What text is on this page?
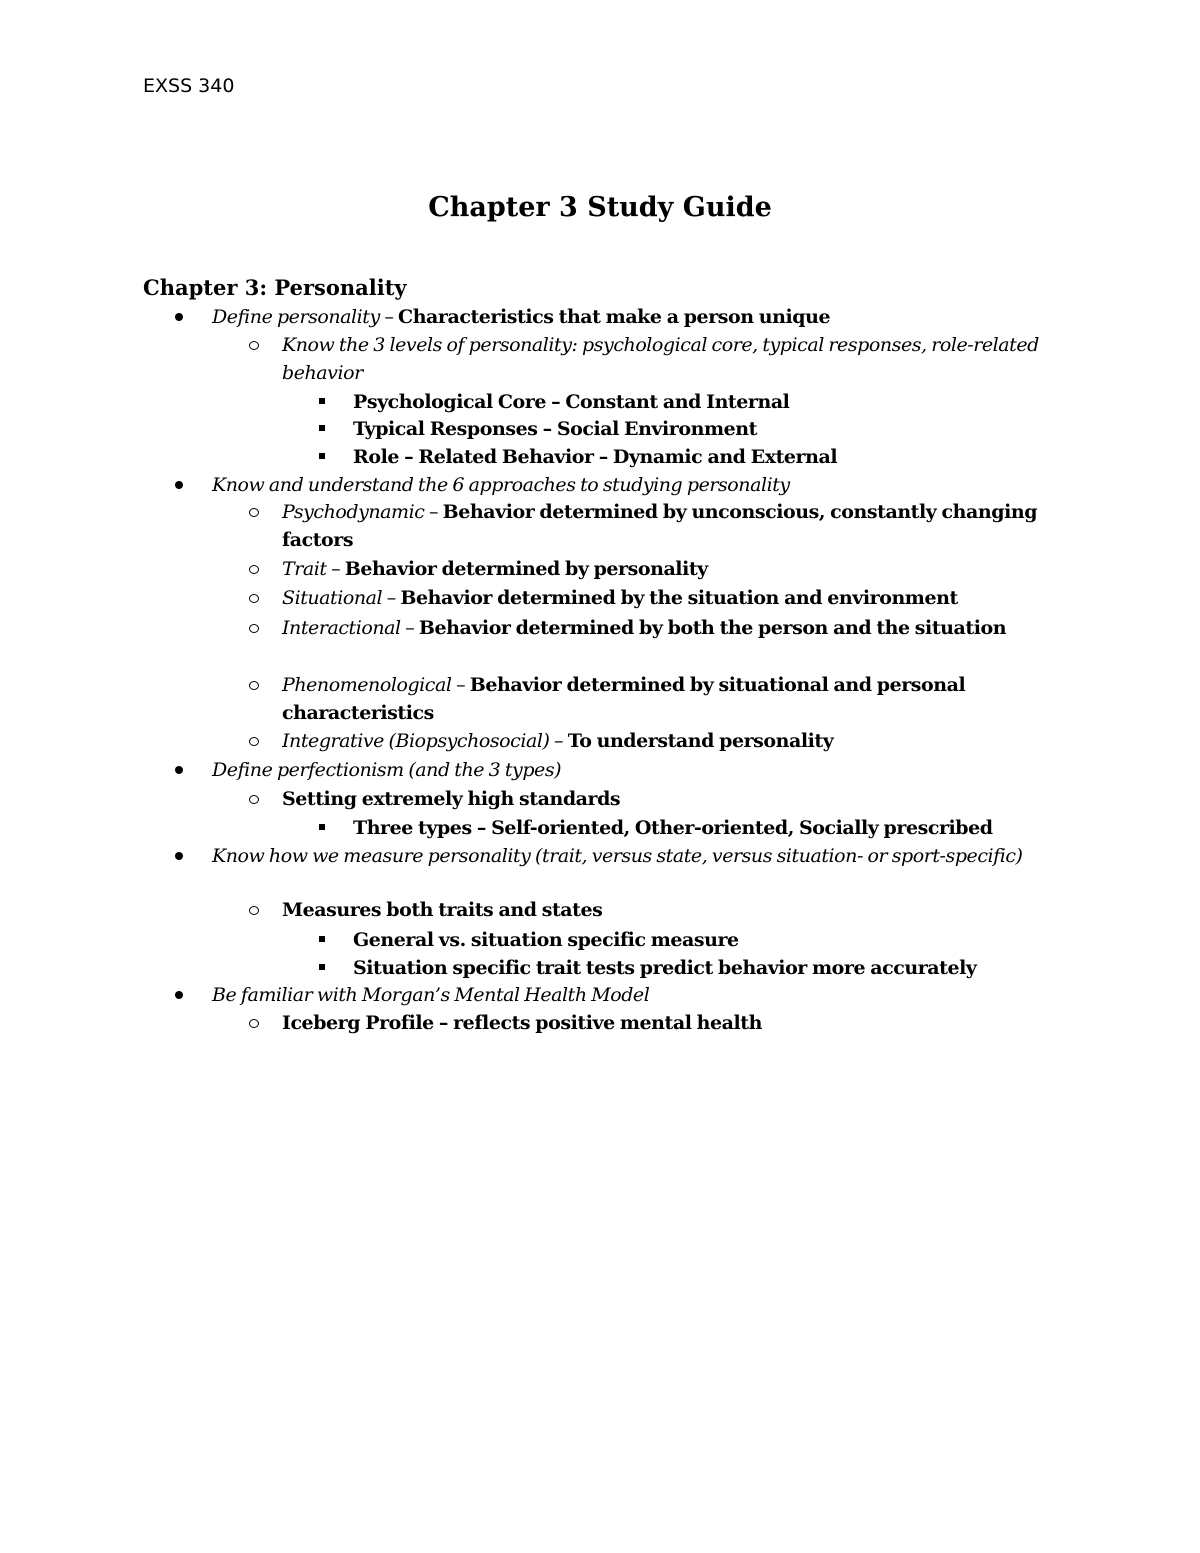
EXSS 340
Chapter 3 Study Guide
Chapter 3: Personality
Define personality – Characteristics that make a person unique
Know the 3 levels of personality: psychological core, typical responses, role-related behavior
Psychological Core – Constant and Internal
Typical Responses – Social Environment
Role – Related Behavior – Dynamic and External
Know and understand the 6 approaches to studying personality
Psychodynamic – Behavior determined by unconscious, constantly changing factors
Trait – Behavior determined by personality
Situational – Behavior determined by the situation and environment
Interactional – Behavior determined by both the person and the situation
Phenomenological – Behavior determined by situational and personal characteristics
Integrative (Biopsychosocial) – To understand personality
Define perfectionism (and the 3 types)
Setting extremely high standards
Three types – Self-oriented, Other-oriented, Socially prescribed
Know how we measure personality (trait, versus state, versus situation- or sport-specific)
Measures both traits and states
General vs. situation specific measure
Situation specific trait tests predict behavior more accurately
Be familiar with Morgan’s Mental Health Model
Iceberg Profile – reflects positive mental health
